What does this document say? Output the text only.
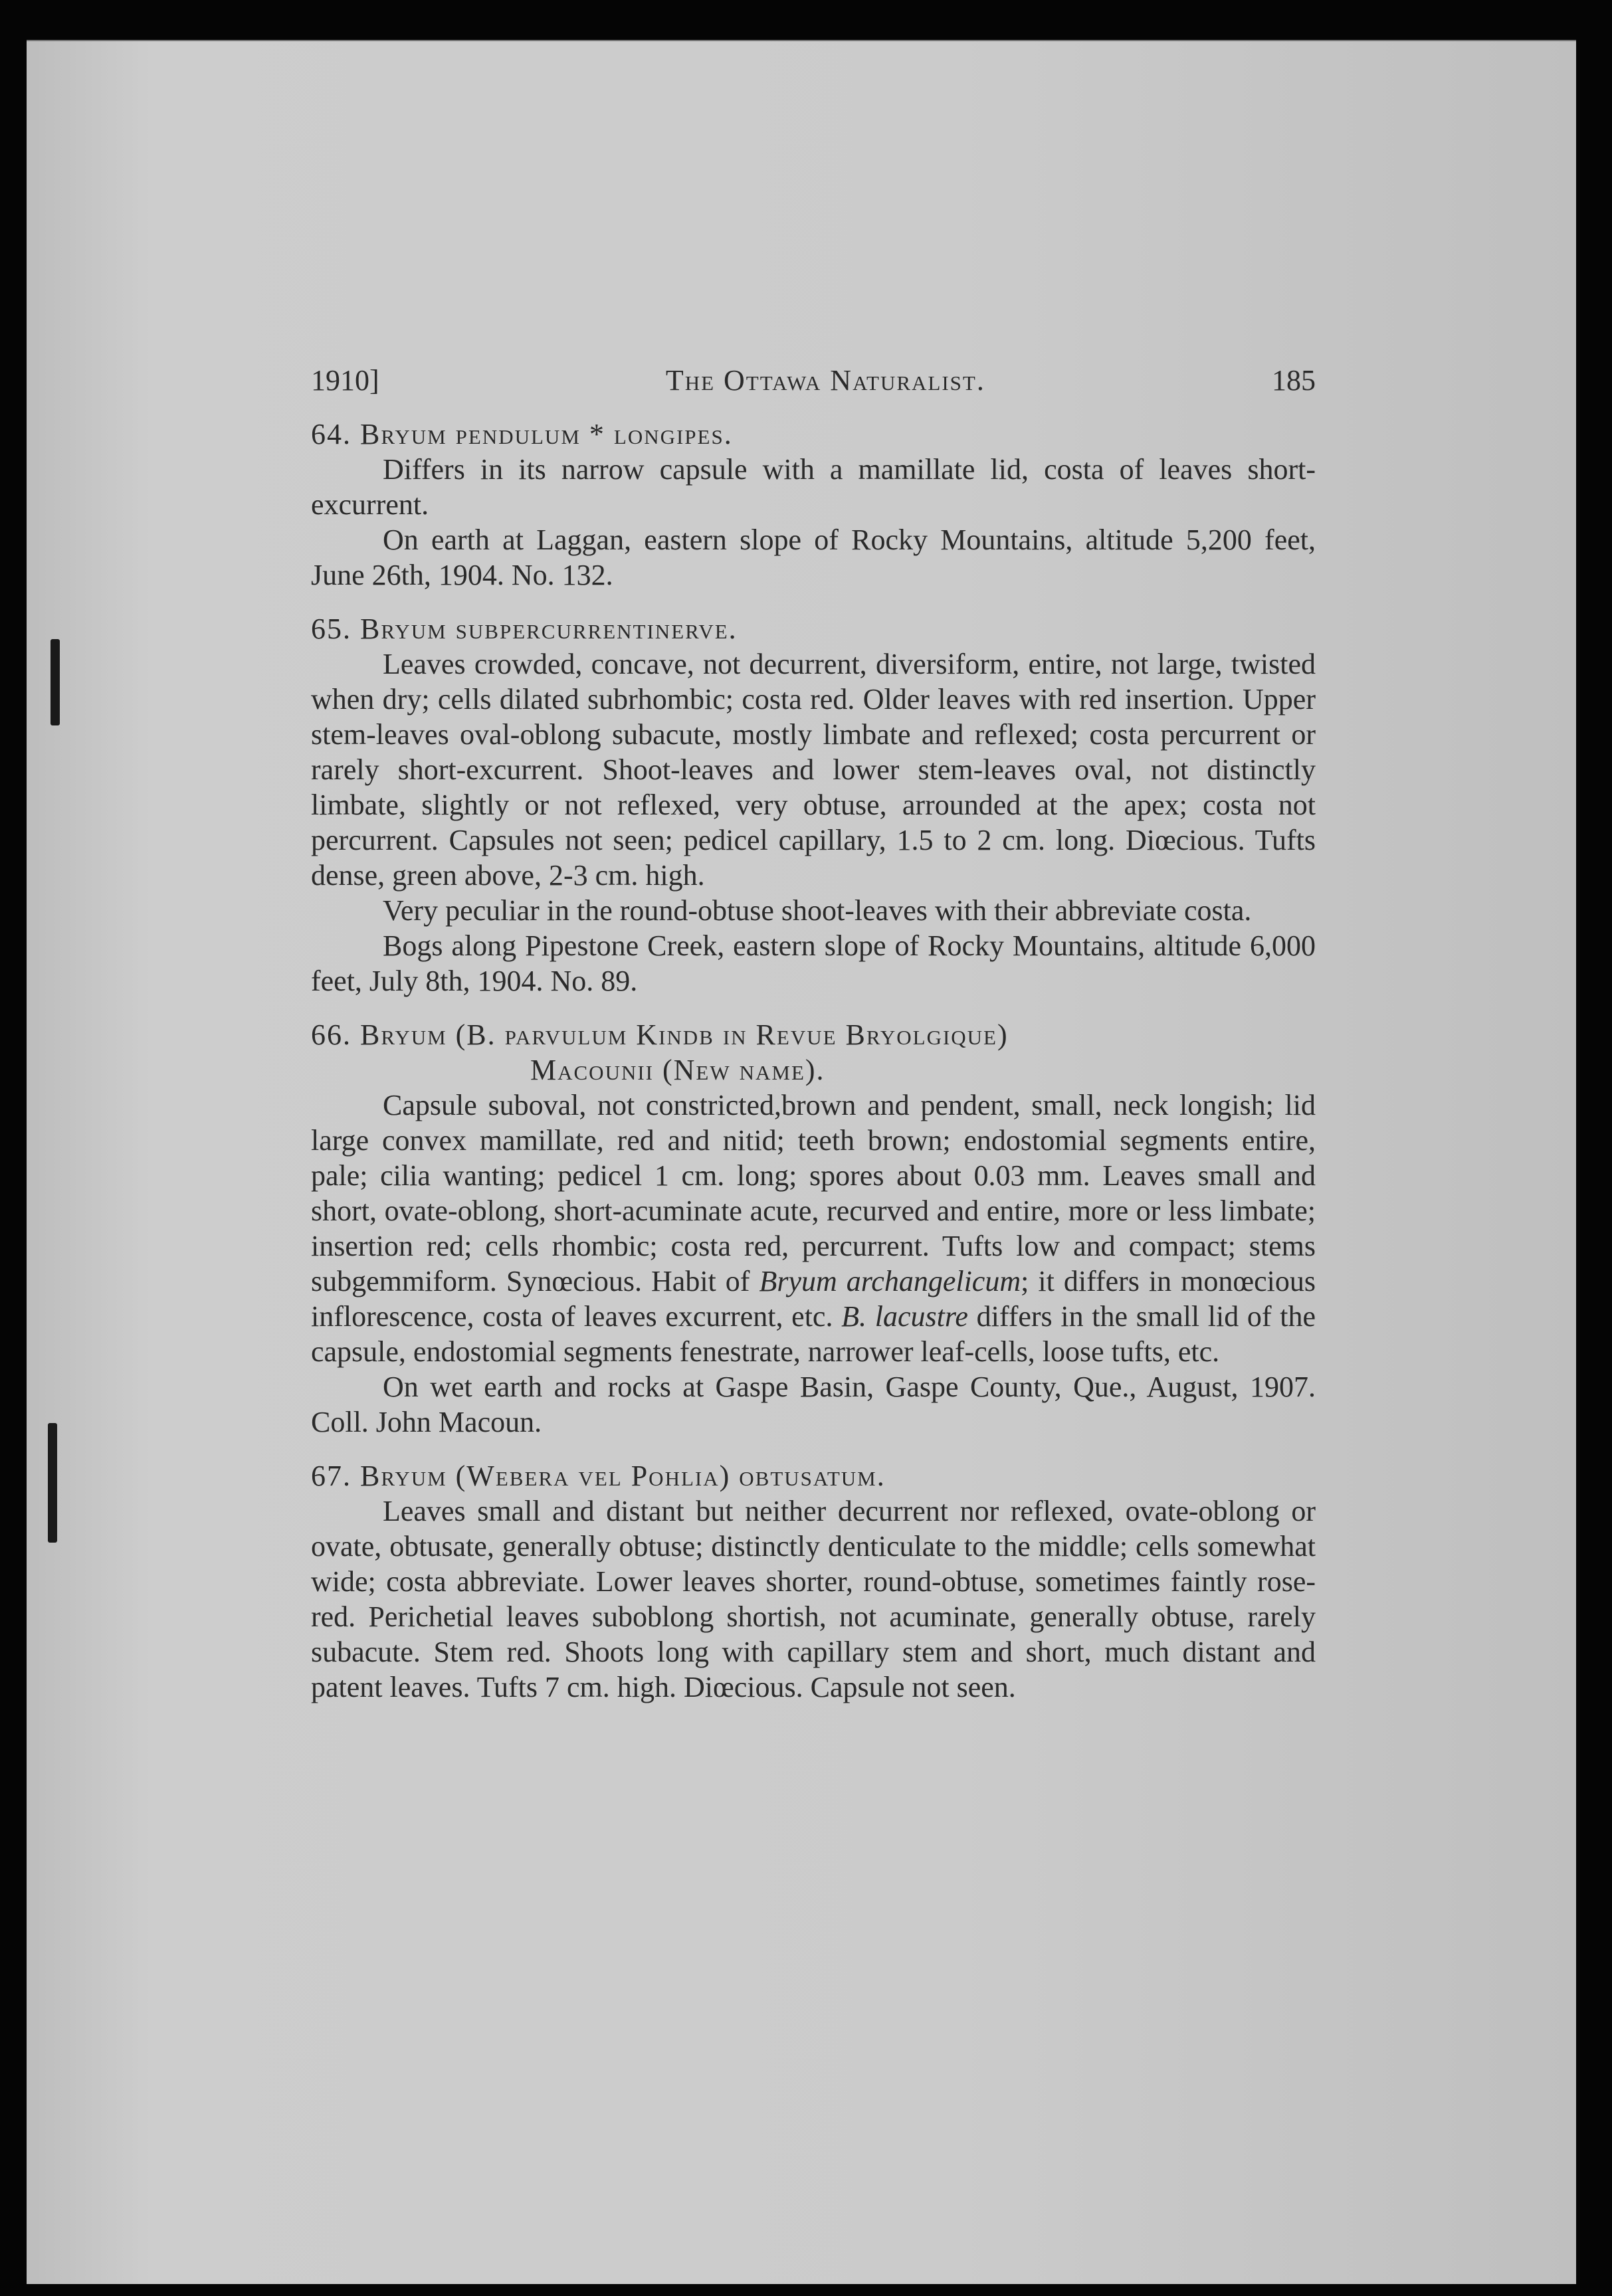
1910]	The Ottawa Naturalist.	185
64. Bryum pendulum * longipes.

Differs in its narrow capsule with a mamillate lid, costa of leaves short-excurrent.

On earth at Laggan, eastern slope of Rocky Mountains, altitude 5,200 feet, June 26th, 1904. No. 132.

65. Bryum subpercurrentinerve.

Leaves crowded, concave, not decurrent, diversiform, entire, not large, twisted when dry; cells dilated subrhombic; costa red. Older leaves with red insertion. Upper stem-leaves oval-oblong subacute, mostly limbate and reflexed; costa percurrent or rarely short-excurrent. Shoot-leaves and lower stem-leaves oval, not distinctly limbate, slightly or not reflexed, very obtuse, arrounded at the apex; costa not percurrent. Capsules not seen; pedicel capillary, 1.5 to 2 cm. long. Diœcious. Tufts dense, green above, 2-3 cm. high.

Very peculiar in the round-obtuse shoot-leaves with their abbreviate costa.

Bogs along Pipestone Creek, eastern slope of Rocky Mountains, altitude 6,000 feet, July 8th, 1904. No. 89.

66. Bryum (B. parvulum Kindb in Revue Bryolgique)
Macounii (New name).

Capsule suboval, not constricted,brown and pendent, small, neck longish; lid large convex mamillate, red and nitid; teeth brown; endostomial segments entire, pale; cilia wanting; pedicel 1 cm. long; spores about 0.03 mm. Leaves small and short, ovate-oblong, short-acuminate acute, recurved and entire, more or less limbate; insertion red; cells rhombic; costa red, percurrent. Tufts low and compact; stems subgemmiform. Synœcious. Habit of Bryum archangelicum; it differs in monœcious inflorescence, costa of leaves excurrent, etc. B. lacustre differs in the small lid of the capsule, endostomial segments fenestrate, narrower leaf-cells, loose tufts, etc.

On wet earth and rocks at Gaspe Basin, Gaspe County, Que., August, 1907. Coll. John Macoun.

67. Bryum (Webera vel Pohlia) obtusatum.

Leaves small and distant but neither decurrent nor reflexed, ovate-oblong or ovate, obtusate, generally obtuse; distinctly denticulate to the middle; cells somewhat wide; costa abbreviate. Lower leaves shorter, round-obtuse, sometimes faintly rose-red. Perichetial leaves suboblong shortish, not acuminate, generally obtuse, rarely subacute. Stem red. Shoots long with capillary stem and short, much distant and patent leaves. Tufts 7 cm. high. Diœcious. Capsule not seen.
